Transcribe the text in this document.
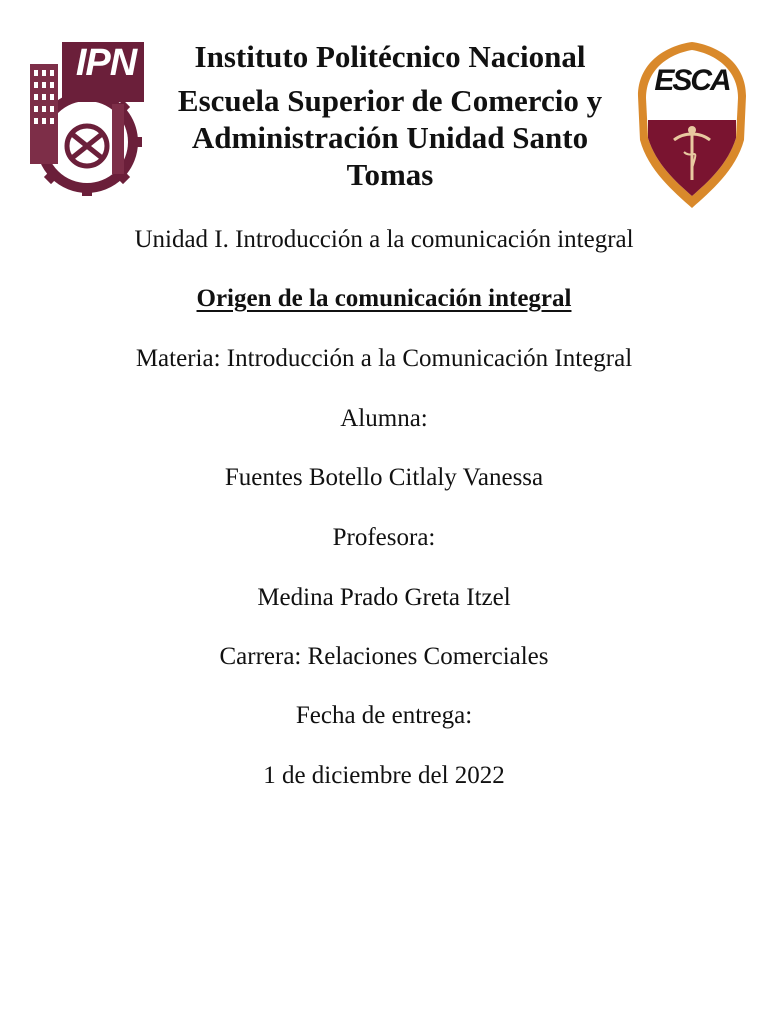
IPN	ESCA
Instituto Politécnico Nacional
Escuela Superior de Comercio y
Administración Unidad Santo
Tomas
Unidad I. Introducción a la comunicación integral
Origen de la comunicación integral
Materia: Introducción a la Comunicación Integral
Alumna:
Fuentes Botello Citlaly Vanessa
Profesora:
Medina Prado Greta Itzel
Carrera: Relaciones Comerciales
Fecha de entrega:
1 de diciembre del 2022
